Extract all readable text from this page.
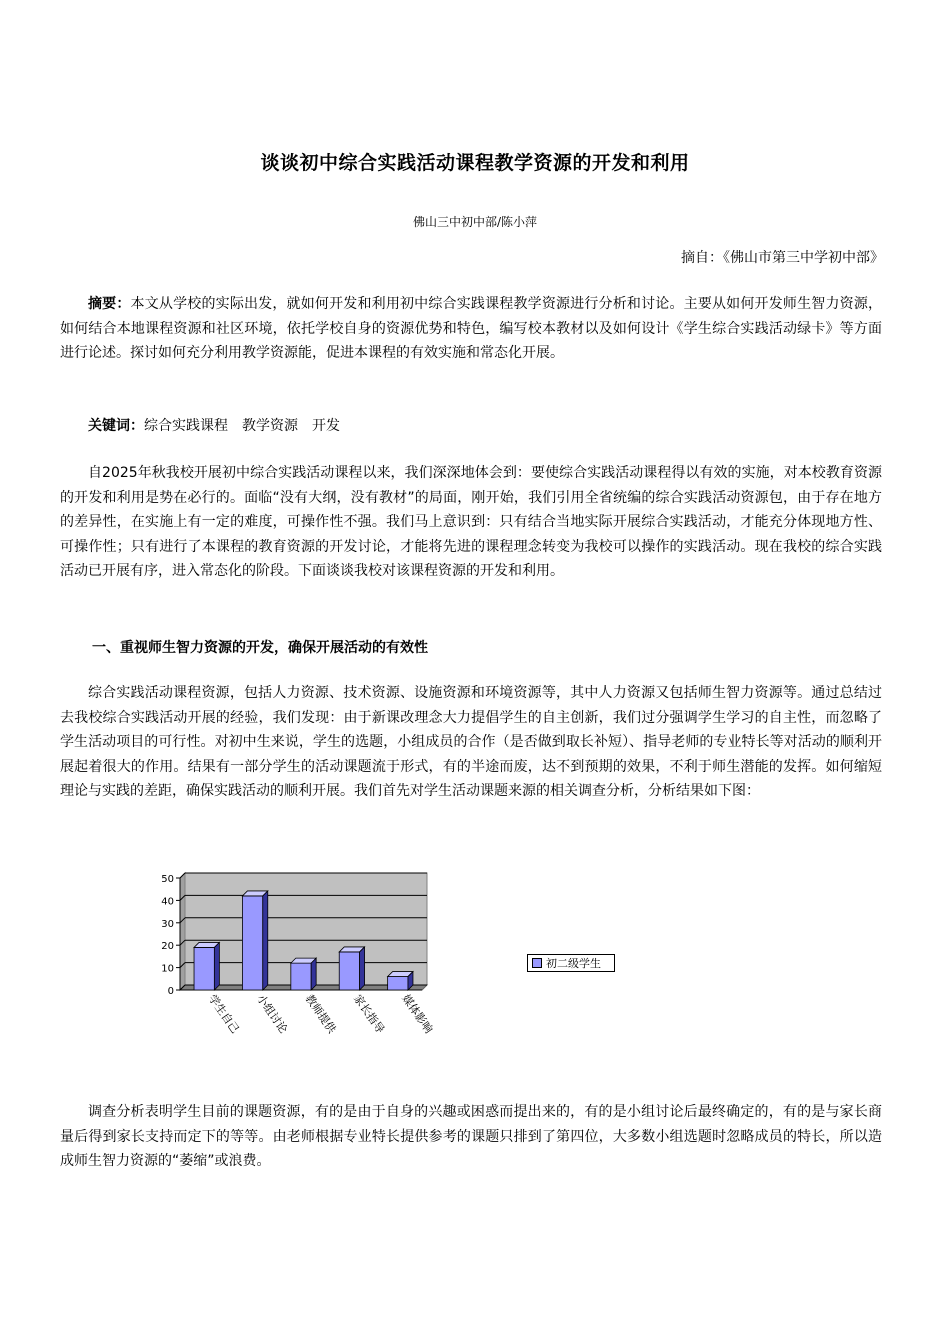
谈谈初中综合实践活动课程教学资源的开发和利用
佛山三中初中部/陈小萍
摘自：《佛山市第三中学初中部》

摘要：本文从学校的实际出发，就如何开发和利用初中综合实践课程教学资源进行分析和讨论。主要从如何开发师生智力资源，如何结合本地课程资源和社区环境，依托学校自身的资源优势和特色，编写校本教材以及如何设计《学生综合实践活动绿卡》等方面进行论述。探讨如何充分利用教学资源能，促进本课程的有效实施和常态化开展。

关键词：综合实践课程　教学资源　开发

自2025年秋我校开展初中综合实践活动课程以来，我们深深地体会到：要使综合实践活动课程得以有效的实施，对本校教育资源的开发和利用是势在必行的。面临“没有大纲，没有教材”的局面，刚开始，我们引用全省统编的综合实践活动资源包，由于存在地方的差异性，在实施上有一定的难度，可操作性不强。我们马上意识到：只有结合当地实际开展综合实践活动，才能充分体现地方性、可操作性；只有进行了本课程的教育资源的开发讨论，才能将先进的课程理念转变为我校可以操作的实践活动。现在我校的综合实践活动已开展有序，进入常态化的阶段。下面谈谈我校对该课程资源的开发和利用。

一、重视师生智力资源的开发，确保开展活动的有效性

综合实践活动课程资源，包括人力资源、技术资源、设施资源和环境资源等，其中人力资源又包括师生智力资源等。通过总结过去我校综合实践活动开展的经验，我们发现：由于新课改理念大力提倡学生的自主创新，我们过分强调学生学习的自主性，而忽略了学生活动项目的可行性。对初中生来说，学生的选题，小组成员的合作（是否做到取长补短）、指导老师的专业特长等对活动的顺利开展起着很大的作用。结果有一部分学生的活动课题流于形式，有的半途而废，达不到预期的效果，不利于师生潜能的发挥。如何缩短理论与实践的差距，确保实践活动的顺利开展。我们首先对学生活动课题来源的相关调查分析，分析结果如下图：

0
10
20
30
40
50
学生自己 小组讨论 教师提供 家长指导 媒体影响
初二级学生

调查分析表明学生目前的课题资源，有的是由于自身的兴趣或困惑而提出来的，有的是小组讨论后最终确定的，有的是与家长商量后得到家长支持而定下的等等。由老师根据专业特长提供参考的课题只排到了第四位，大多数小组选题时忽略成员的特长，所以造成师生智力资源的“萎缩”或浪费。
